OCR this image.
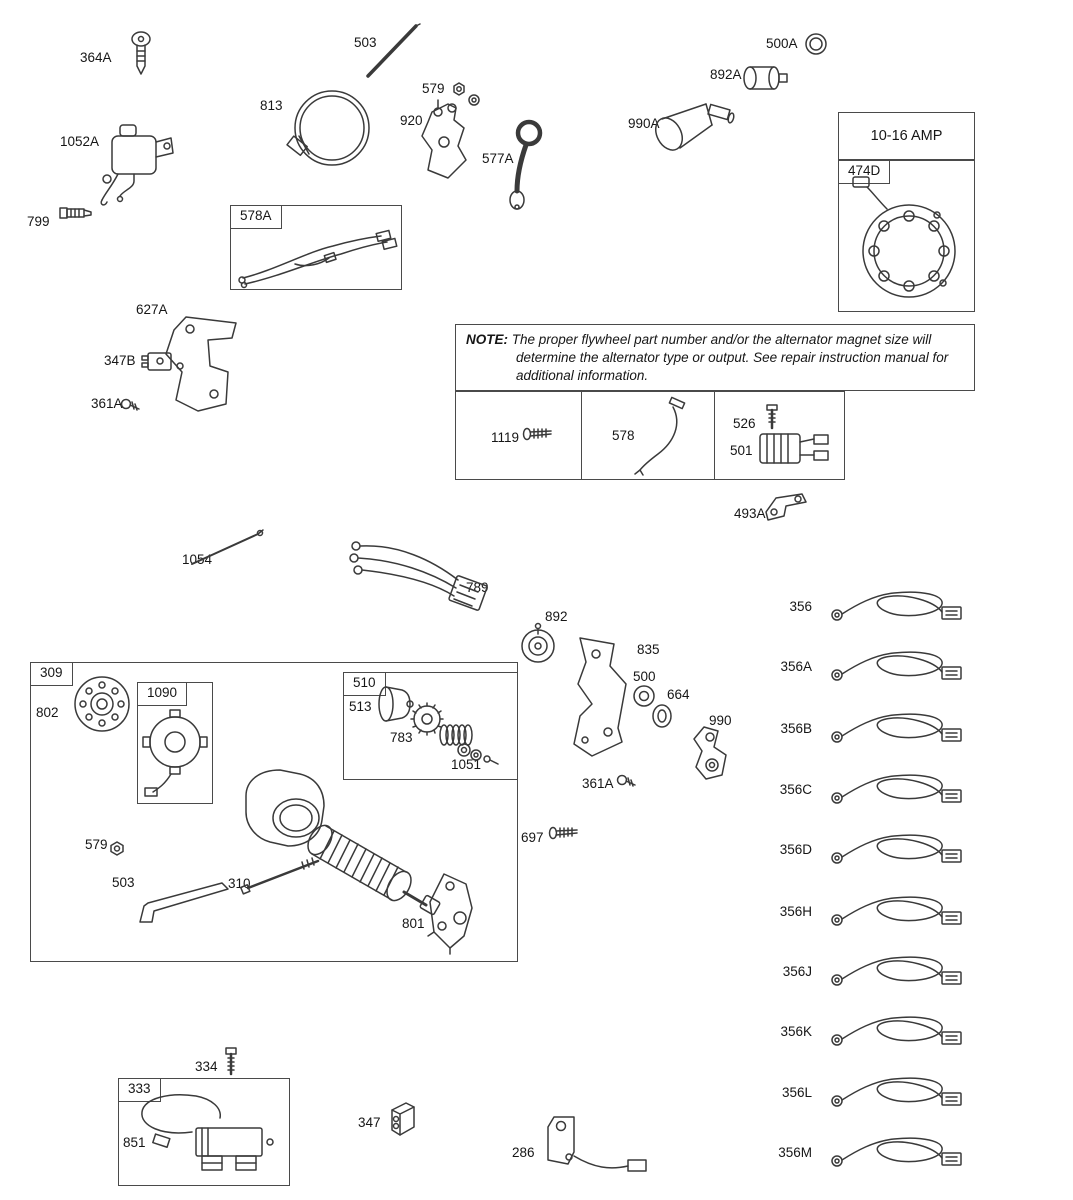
578A
10-16 AMP
474D
309
1090
510
333

NOTE: The proper flywheel part number and/or the alternator magnet size will determine the alternator type or output. See repair instruction manual for additional information.

1119	578
526
501
364A
503	500A
813
579
892A
920	990A
1052A
577A
799
627A
347B
361A
493A
1054
789
892
835
500
664
990
802	513
783
1051
361A
579	697
503	310
801
334
347
851
286
356
356A
356B
356C
356D
356H
356J
356K
356L
356M
